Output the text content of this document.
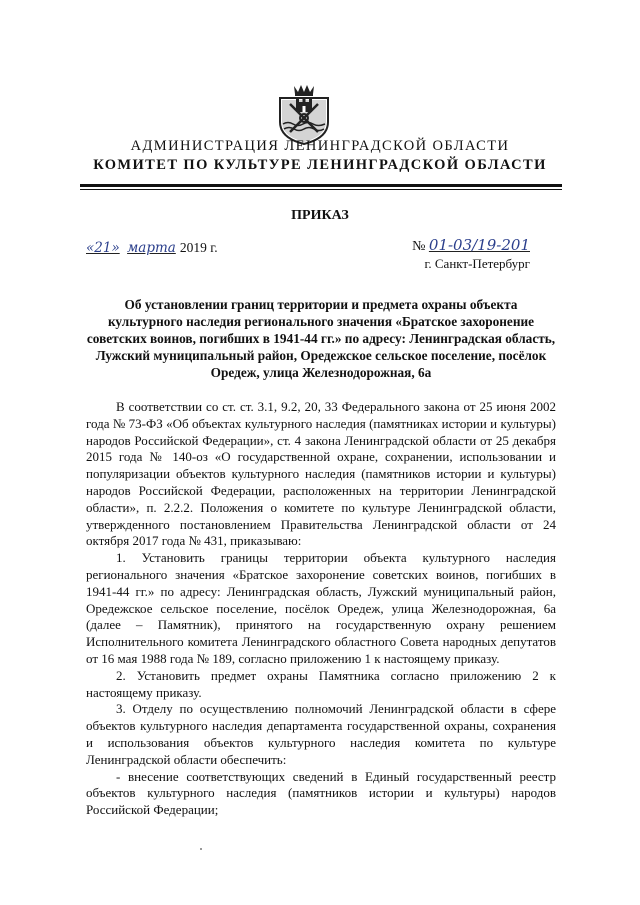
АДМИНИСТРАЦИЯ ЛЕНИНГРАДСКОЙ ОБЛАСТИ
КОМИТЕТ ПО КУЛЬТУРЕ ЛЕНИНГРАДСКОЙ ОБЛАСТИ
ПРИКАЗ
«21» марта 2019 г.	№ 01-03/19-201
г. Санкт-Петербург
Об установлении границ территории и предмета охраны объекта культурного наследия регионального значения «Братское захоронение советских воинов, погибших в 1941-44 гг.» по адресу: Ленинградская область, Лужский муниципальный район, Оредежское сельское поселение, посёлок Оредеж, улица Железнодорожная, 6а

В соответствии со ст. ст. 3.1, 9.2, 20, 33 Федерального закона от 25 июня 2002 года № 73-ФЗ «Об объектах культурного наследия (памятниках истории и культуры) народов Российской Федерации», ст. 4 закона Ленинградской области от 25 декабря 2015 года № 140-оз «О государственной охране, сохранении, использовании и популяризации объектов культурного наследия (памятников истории и культуры) народов Российской Федерации, расположенных на территории Ленинградской области», п. 2.2.2. Положения о комитете по культуре Ленинградской области, утвержденного постановлением Правительства Ленинградской области от 24 октября 2017 года № 431, приказываю:

1. Установить границы территории объекта культурного наследия регионального значения «Братское захоронение советских воинов, погибших в 1941-44 гг.» по адресу: Ленинградская область, Лужский муниципальный район, Оредежское сельское поселение, посёлок Оредеж, улица Железнодорожная, 6а (далее – Памятник), принятого на государственную охрану решением Исполнительного комитета Ленинградского областного Совета народных депутатов от 16 мая 1988 года № 189, согласно приложению 1 к настоящему приказу.

2. Установить предмет охраны Памятника согласно приложению 2 к настоящему приказу.

3. Отделу по осуществлению полномочий Ленинградской области в сфере объектов культурного наследия департамента государственной охраны, сохранения и использования объектов культурного наследия комитета по культуре Ленинградской области обеспечить:

- внесение соответствующих сведений в Единый государственный реестр объектов культурного наследия (памятников истории и культуры) народов Российской Федерации;
